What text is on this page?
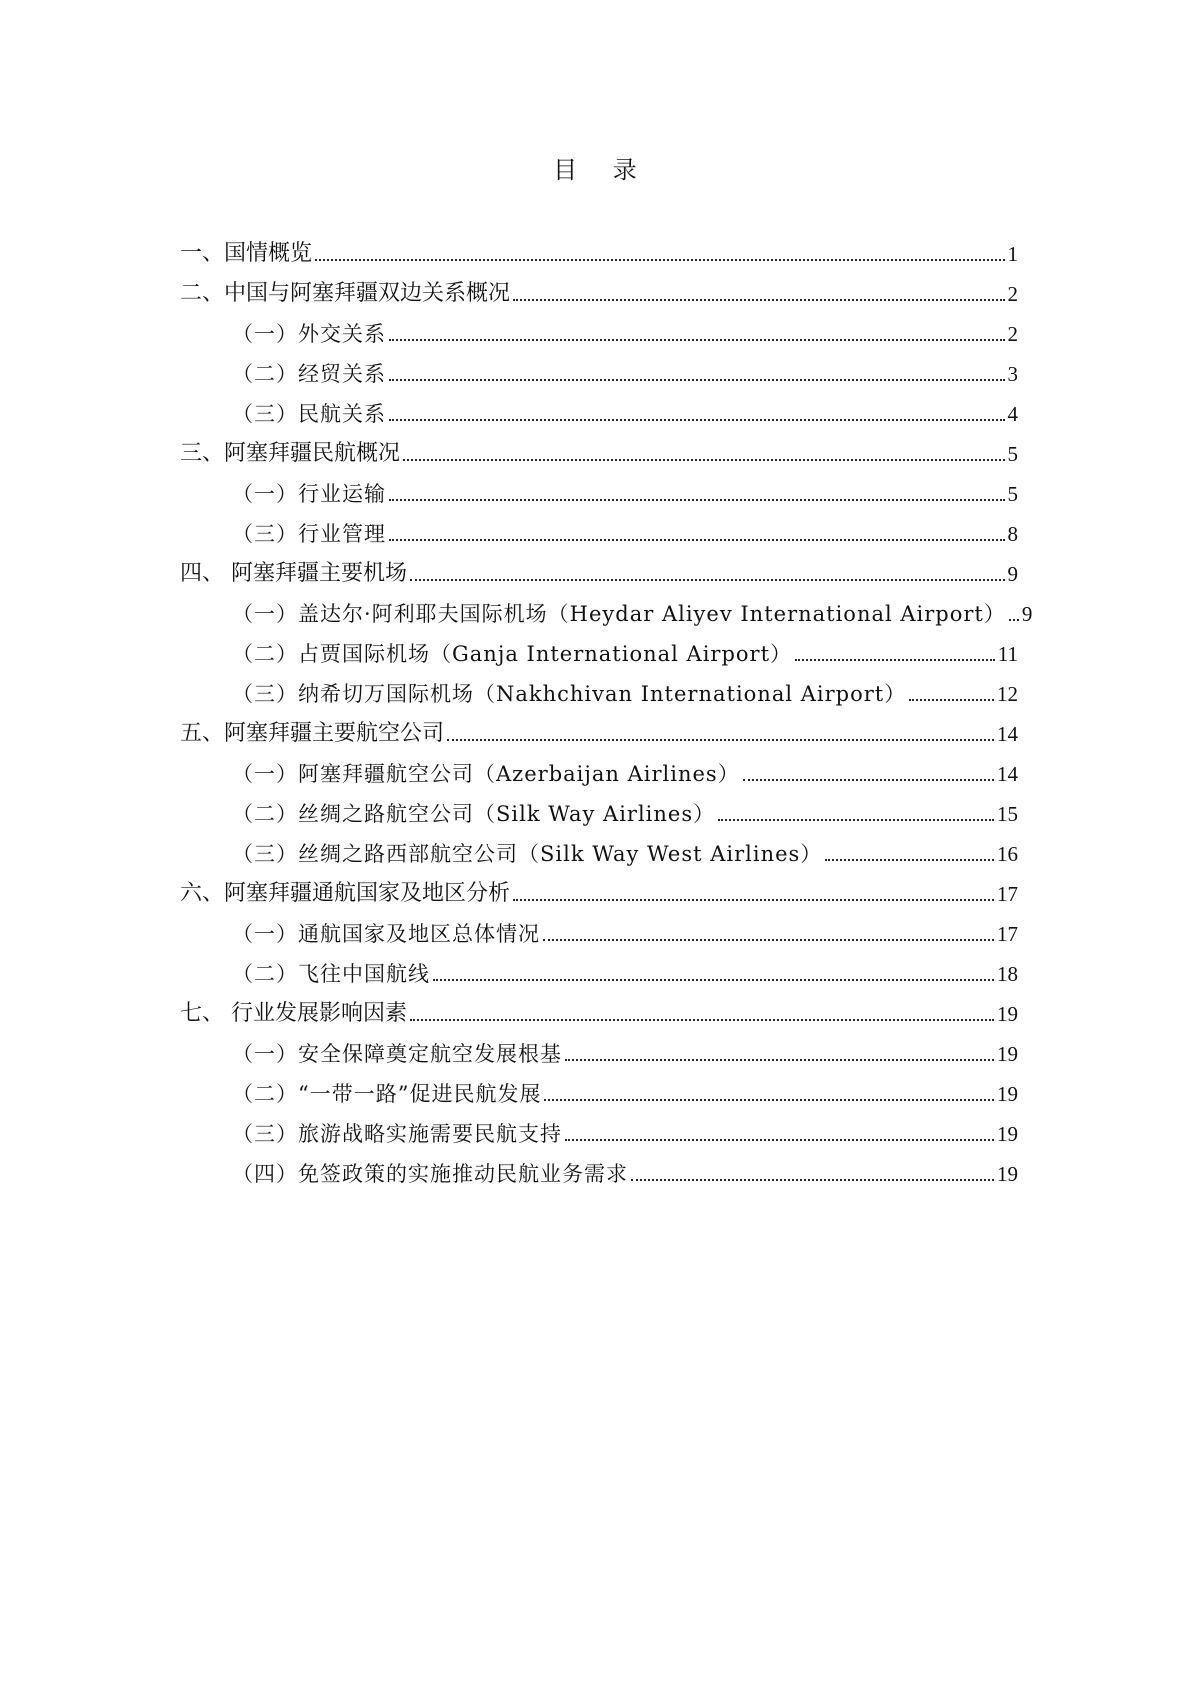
目 录
一、国情概览	1
二、中国与阿塞拜疆双边关系概况	2
（一）外交关系	2
（二）经贸关系	3
（三）民航关系	4
三、阿塞拜疆民航概况	5
（一）行业运输	5
（三）行业管理	8
四、 阿塞拜疆主要机场	9
（一）盖达尔·阿利耶夫国际机场（Heydar Aliyev International Airport） 9
（二）占贾国际机场（Ganja International Airport）	11
（三）纳希切万国际机场（Nakhchivan International Airport）	12
五、阿塞拜疆主要航空公司	14
（一）阿塞拜疆航空公司（Azerbaijan Airlines）	14
（二）丝绸之路航空公司（Silk Way Airlines）	15
（三）丝绸之路西部航空公司（Silk Way West Airlines）	16
六、阿塞拜疆通航国家及地区分析	17
（一）通航国家及地区总体情况	17
（二）飞往中国航线	18
七、 行业发展影响因素	19
（一）安全保障奠定航空发展根基	19
（二）“一带一路”促进民航发展	19
（三）旅游战略实施需要民航支持	19
（四）免签政策的实施推动民航业务需求	19
